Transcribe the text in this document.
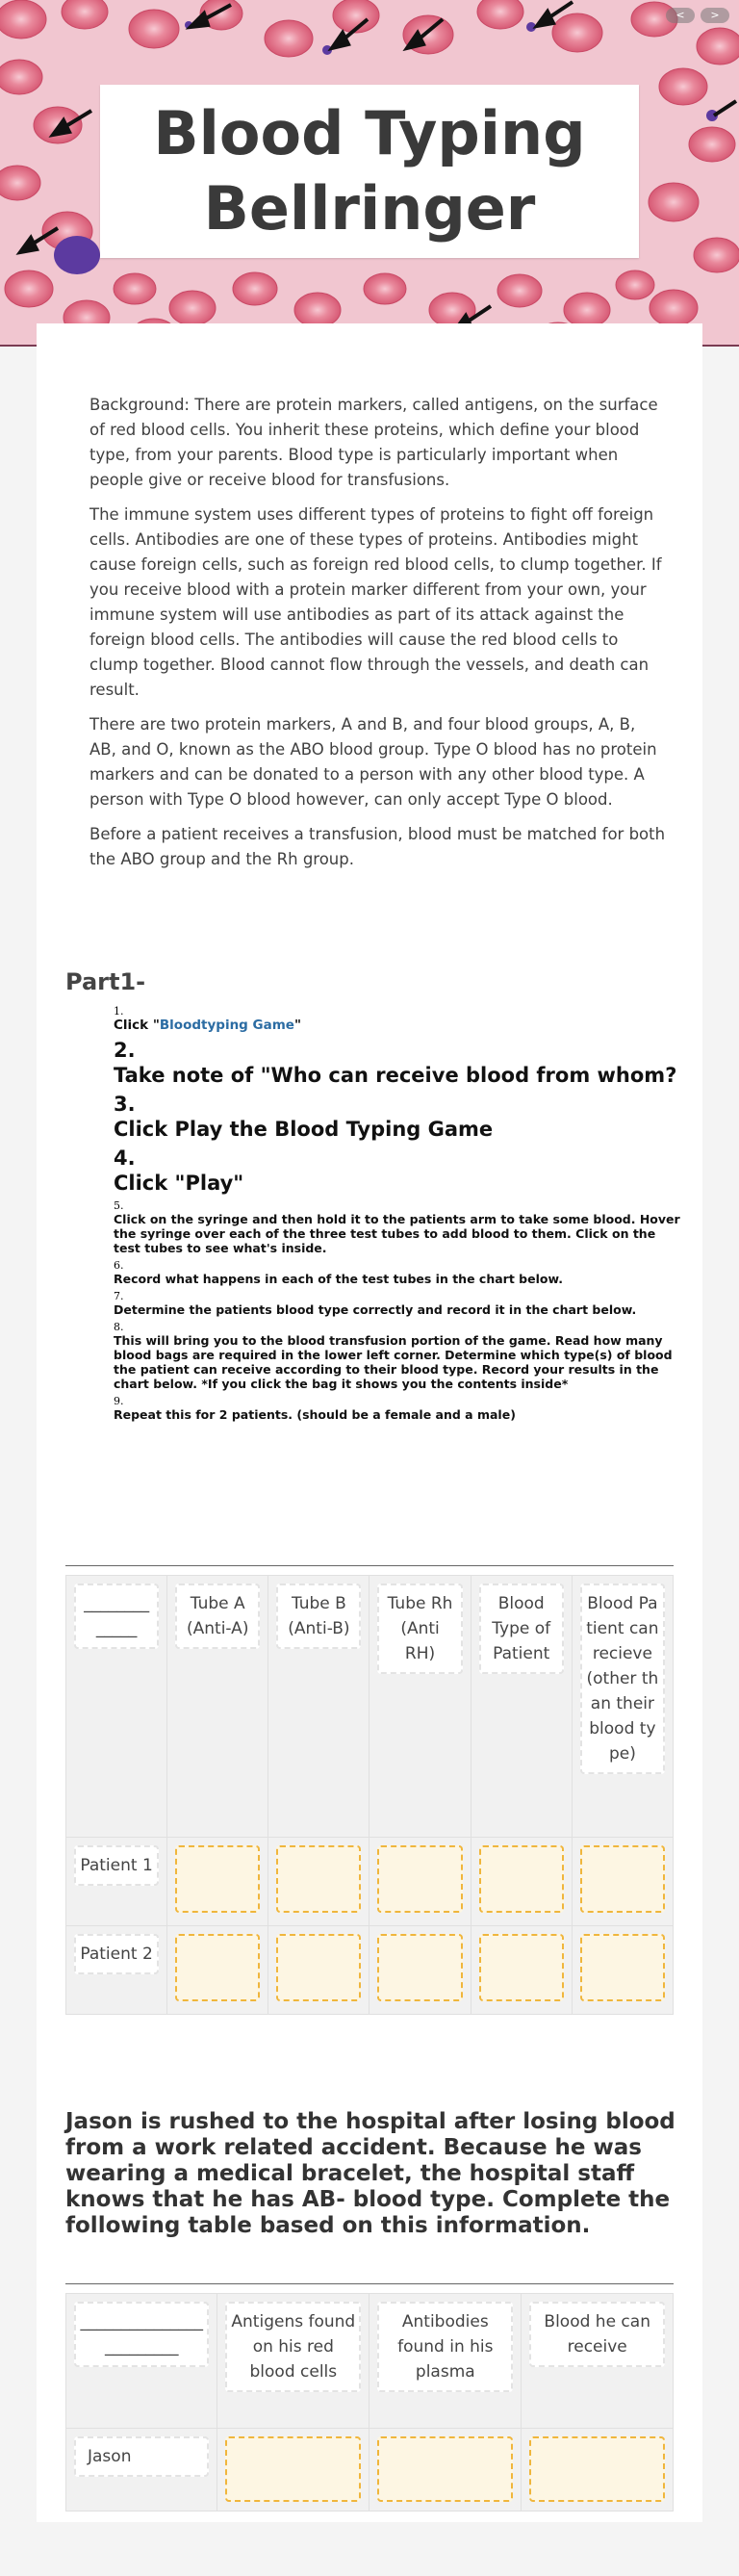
<	>
Blood Typing
Bellringer

Background: There are protein markers, called antigens, on the surface of red blood cells. You inherit these proteins, which define your blood type, from your parents. Blood type is particularly important when people give or receive blood for transfusions.

The immune system uses different types of proteins to fight off foreign cells. Antibodies are one of these types of proteins. Antibodies might cause foreign cells, such as foreign red blood cells, to clump together. If you receive blood with a protein marker different from your own, your immune system will use antibodies as part of its attack against the foreign blood cells. The antibodies will cause the red blood cells to clump together. Blood cannot flow through the vessels, and death can result.

There are two protein markers, A and B, and four blood groups, A, B, AB, and O, known as the ABO blood group. Type O blood has no protein markers and can be donated to a person with any other blood type. A person with Type O blood however, can only accept Type O blood.

Before a patient receives a transfusion, blood must be matched for both the ABO group and the Rh group.

Part1-
1.
Click "Bloodtyping Game"
2.
Take note of "Who can receive blood from whom?
3.
Click Play the Blood Typing Game
4.
Click "Play"
5.
Click on the syringe and then hold it to the patients arm to take some blood. Hover the syringe over each of the three test tubes to add blood to them. Click on the test tubes to see what's inside.
6.
Record what happens in each of the test tubes in the chart below.
7.
Determine the patients blood type correctly and record it in the chart below.
8.
This will bring you to the blood transfusion portion of the game. Read how many blood bags are required in the lower left corner. Determine which type(s) of blood the patient can receive according to their blood type. Record your results in the chart below. *If you click the bag it shows you the contents inside*
9.
Repeat this for 2 patients. (should be a female and a male)
_____________	Tube A (Anti-A)	Tube B (Anti-B)	Tube Rh (Anti RH)	Blood Type of Patient	Blood Patient can recieve (other than their blood type)

Patient 1					

Patient 2					

Jason is rushed to the hospital after losing blood from a work related accident. Because he was wearing a medical bracelet, the hospital staff knows that he has AB- blood type. Complete the following table based on this information.
________________________	Antigens found on his red blood cells	Antibodies found in his plasma	Blood he can receive

Jason			
